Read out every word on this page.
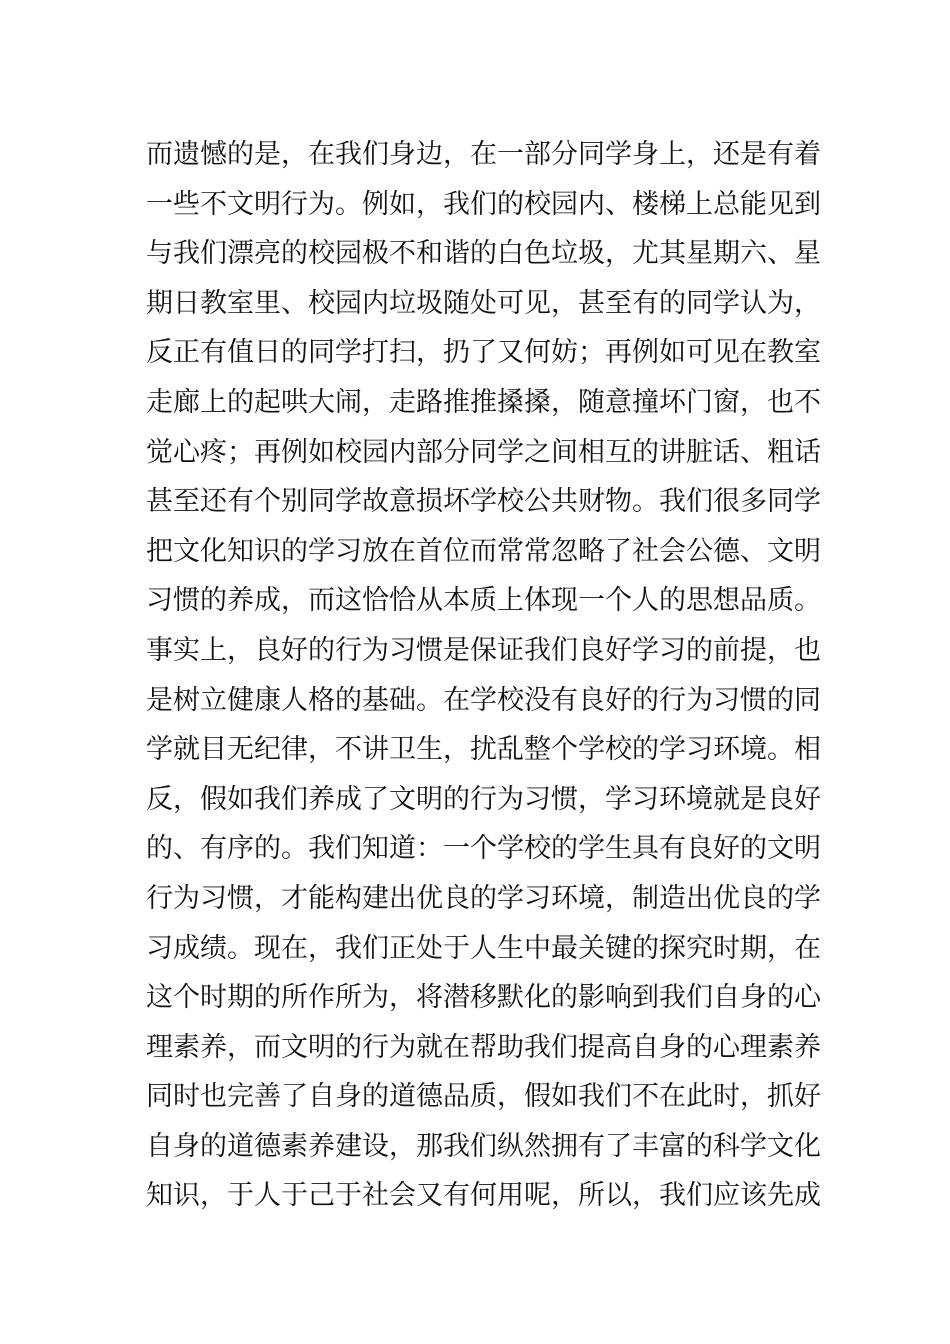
而遗憾的是，在我们身边，在一部分同学身上，还是有着
一些不文明行为。例如，我们的校园内、楼梯上总能见到
与我们漂亮的校园极不和谐的白色垃圾，尤其星期六、星
期日教室里、校园内垃圾随处可见，甚至有的同学认为，
反正有值日的同学打扫，扔了又何妨；再例如可见在教室
走廊上的起哄大闹，走路推推搡搡，随意撞坏门窗，也不
觉心疼；再例如校园内部分同学之间相互的讲脏话、粗话
甚至还有个别同学故意损坏学校公共财物。我们很多同学
把文化知识的学习放在首位而常常忽略了社会公德、文明
习惯的养成，而这恰恰从本质上体现一个人的思想品质。
事实上，良好的行为习惯是保证我们良好学习的前提，也
是树立健康人格的基础。在学校没有良好的行为习惯的同
学就目无纪律，不讲卫生，扰乱整个学校的学习环境。相
反，假如我们养成了文明的行为习惯，学习环境就是良好
的、有序的。我们知道：一个学校的学生具有良好的文明
行为习惯，才能构建出优良的学习环境，制造出优良的学
习成绩。现在，我们正处于人生中最关键的探究时期，在
这个时期的所作所为，将潜移默化的影响到我们自身的心
理素养，而文明的行为就在帮助我们提高自身的心理素养
同时也完善了自身的道德品质，假如我们不在此时，抓好
自身的道德素养建设，那我们纵然拥有了丰富的科学文化
知识，于人于己于社会又有何用呢，所以，我们应该先成
